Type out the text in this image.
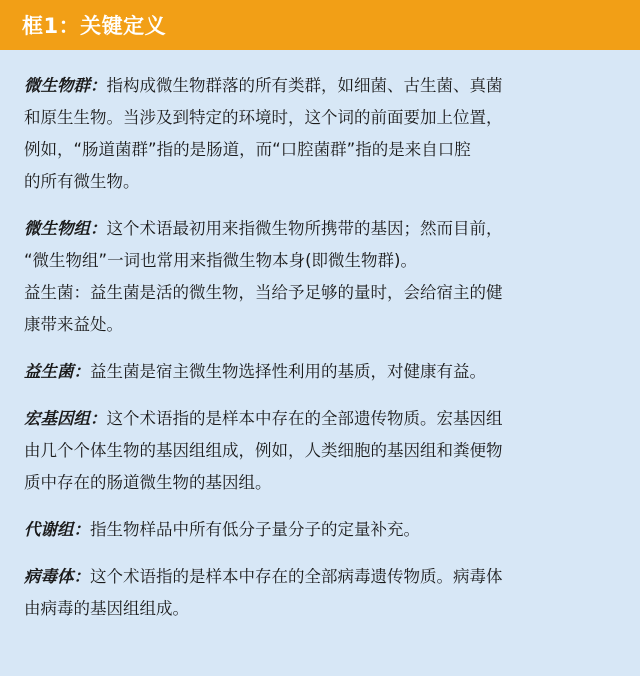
框1：关键定义

微生物群：指构成微生物群落的所有类群，如细菌、古生菌、真菌
和原生生物。当涉及到特定的环境时，这个词的前面要加上位置，
例如，“肠道菌群”指的是肠道，而“口腔菌群”指的是来自口腔
的所有微生物。

微生物组：这个术语最初用来指微生物所携带的基因；然而目前，
“微生物组”一词也常用来指微生物本身(即微生物群)。
益生菌：益生菌是活的微生物，当给予足够的量时，会给宿主的健
康带来益处。

益生菌：益生菌是宿主微生物选择性利用的基质，对健康有益。

宏基因组：这个术语指的是样本中存在的全部遗传物质。宏基因组
由几个个体生物的基因组组成，例如，人类细胞的基因组和粪便物
质中存在的肠道微生物的基因组。

代谢组：指生物样品中所有低分子量分子的定量补充。

病毒体：这个术语指的是样本中存在的全部病毒遗传物质。病毒体
由病毒的基因组组成。
